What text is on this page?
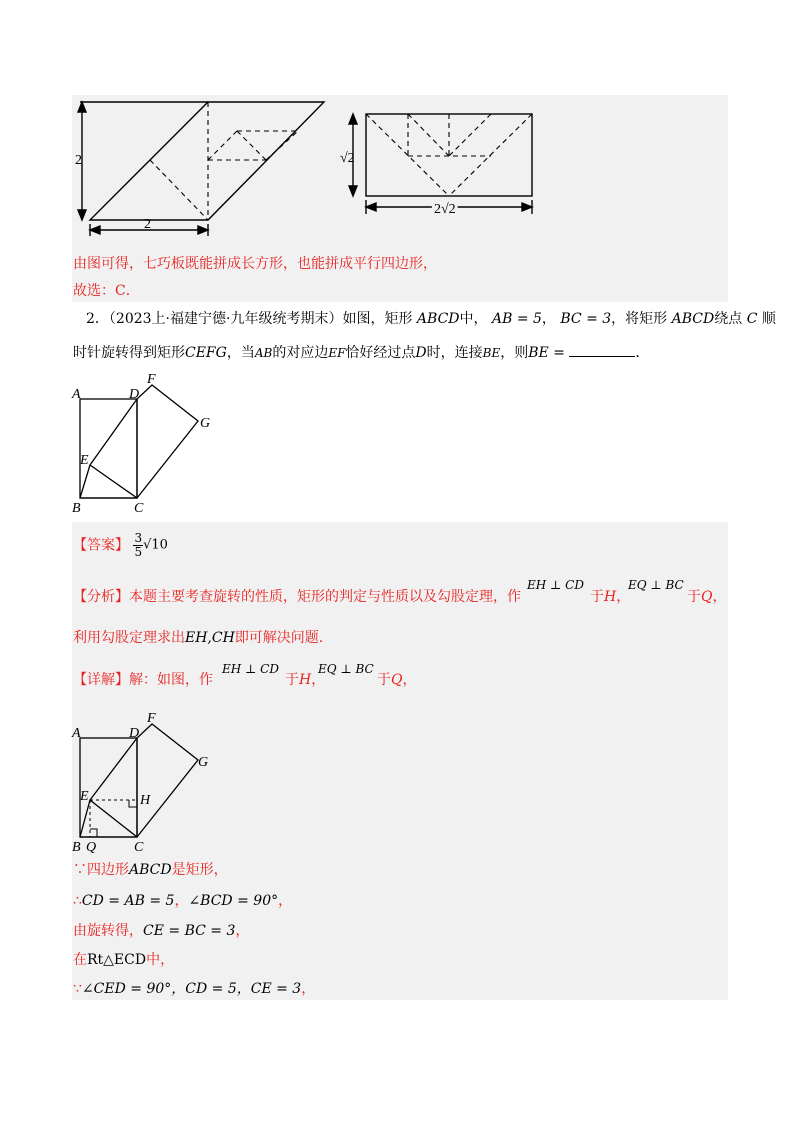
2
2
√2
2√2
由图可得，七巧板既能拼成长方形，也能拼成平行四边形，
故选：C．
2．（2023上·福建宁德·九年级统考期末）如图，矩形 ABCD中， AB = 5， BC = 3，将矩形 ABCD绕点 C 顺
时针旋转得到矩形CEFG，当AB的对应边EF恰好经过点D时，连接BE，则BE =	．
A	D
F
G
E
B	C
【答案】 $\frac{3}{5} √10$
【分析】本题主要考查旋转的性质，矩形的判定与性质以及勾股定理，作
EH ⊥ CD
于H，
EQ ⊥ BC
于Q，
利用勾股定理求出EH,CH即可解决问题.
【详解】解：如图，作
EH ⊥ CD
于H，
EQ ⊥ BC
于Q，
A	D
F
G
E	H
B Q	C
∵四边形ABCD是矩形，
∴CD = AB = 5，∠BCD = 90°，
由旋转得，CE = BC = 3，
在Rt△ECD中，
∵∠CED = 90°，CD = 5，CE = 3，
